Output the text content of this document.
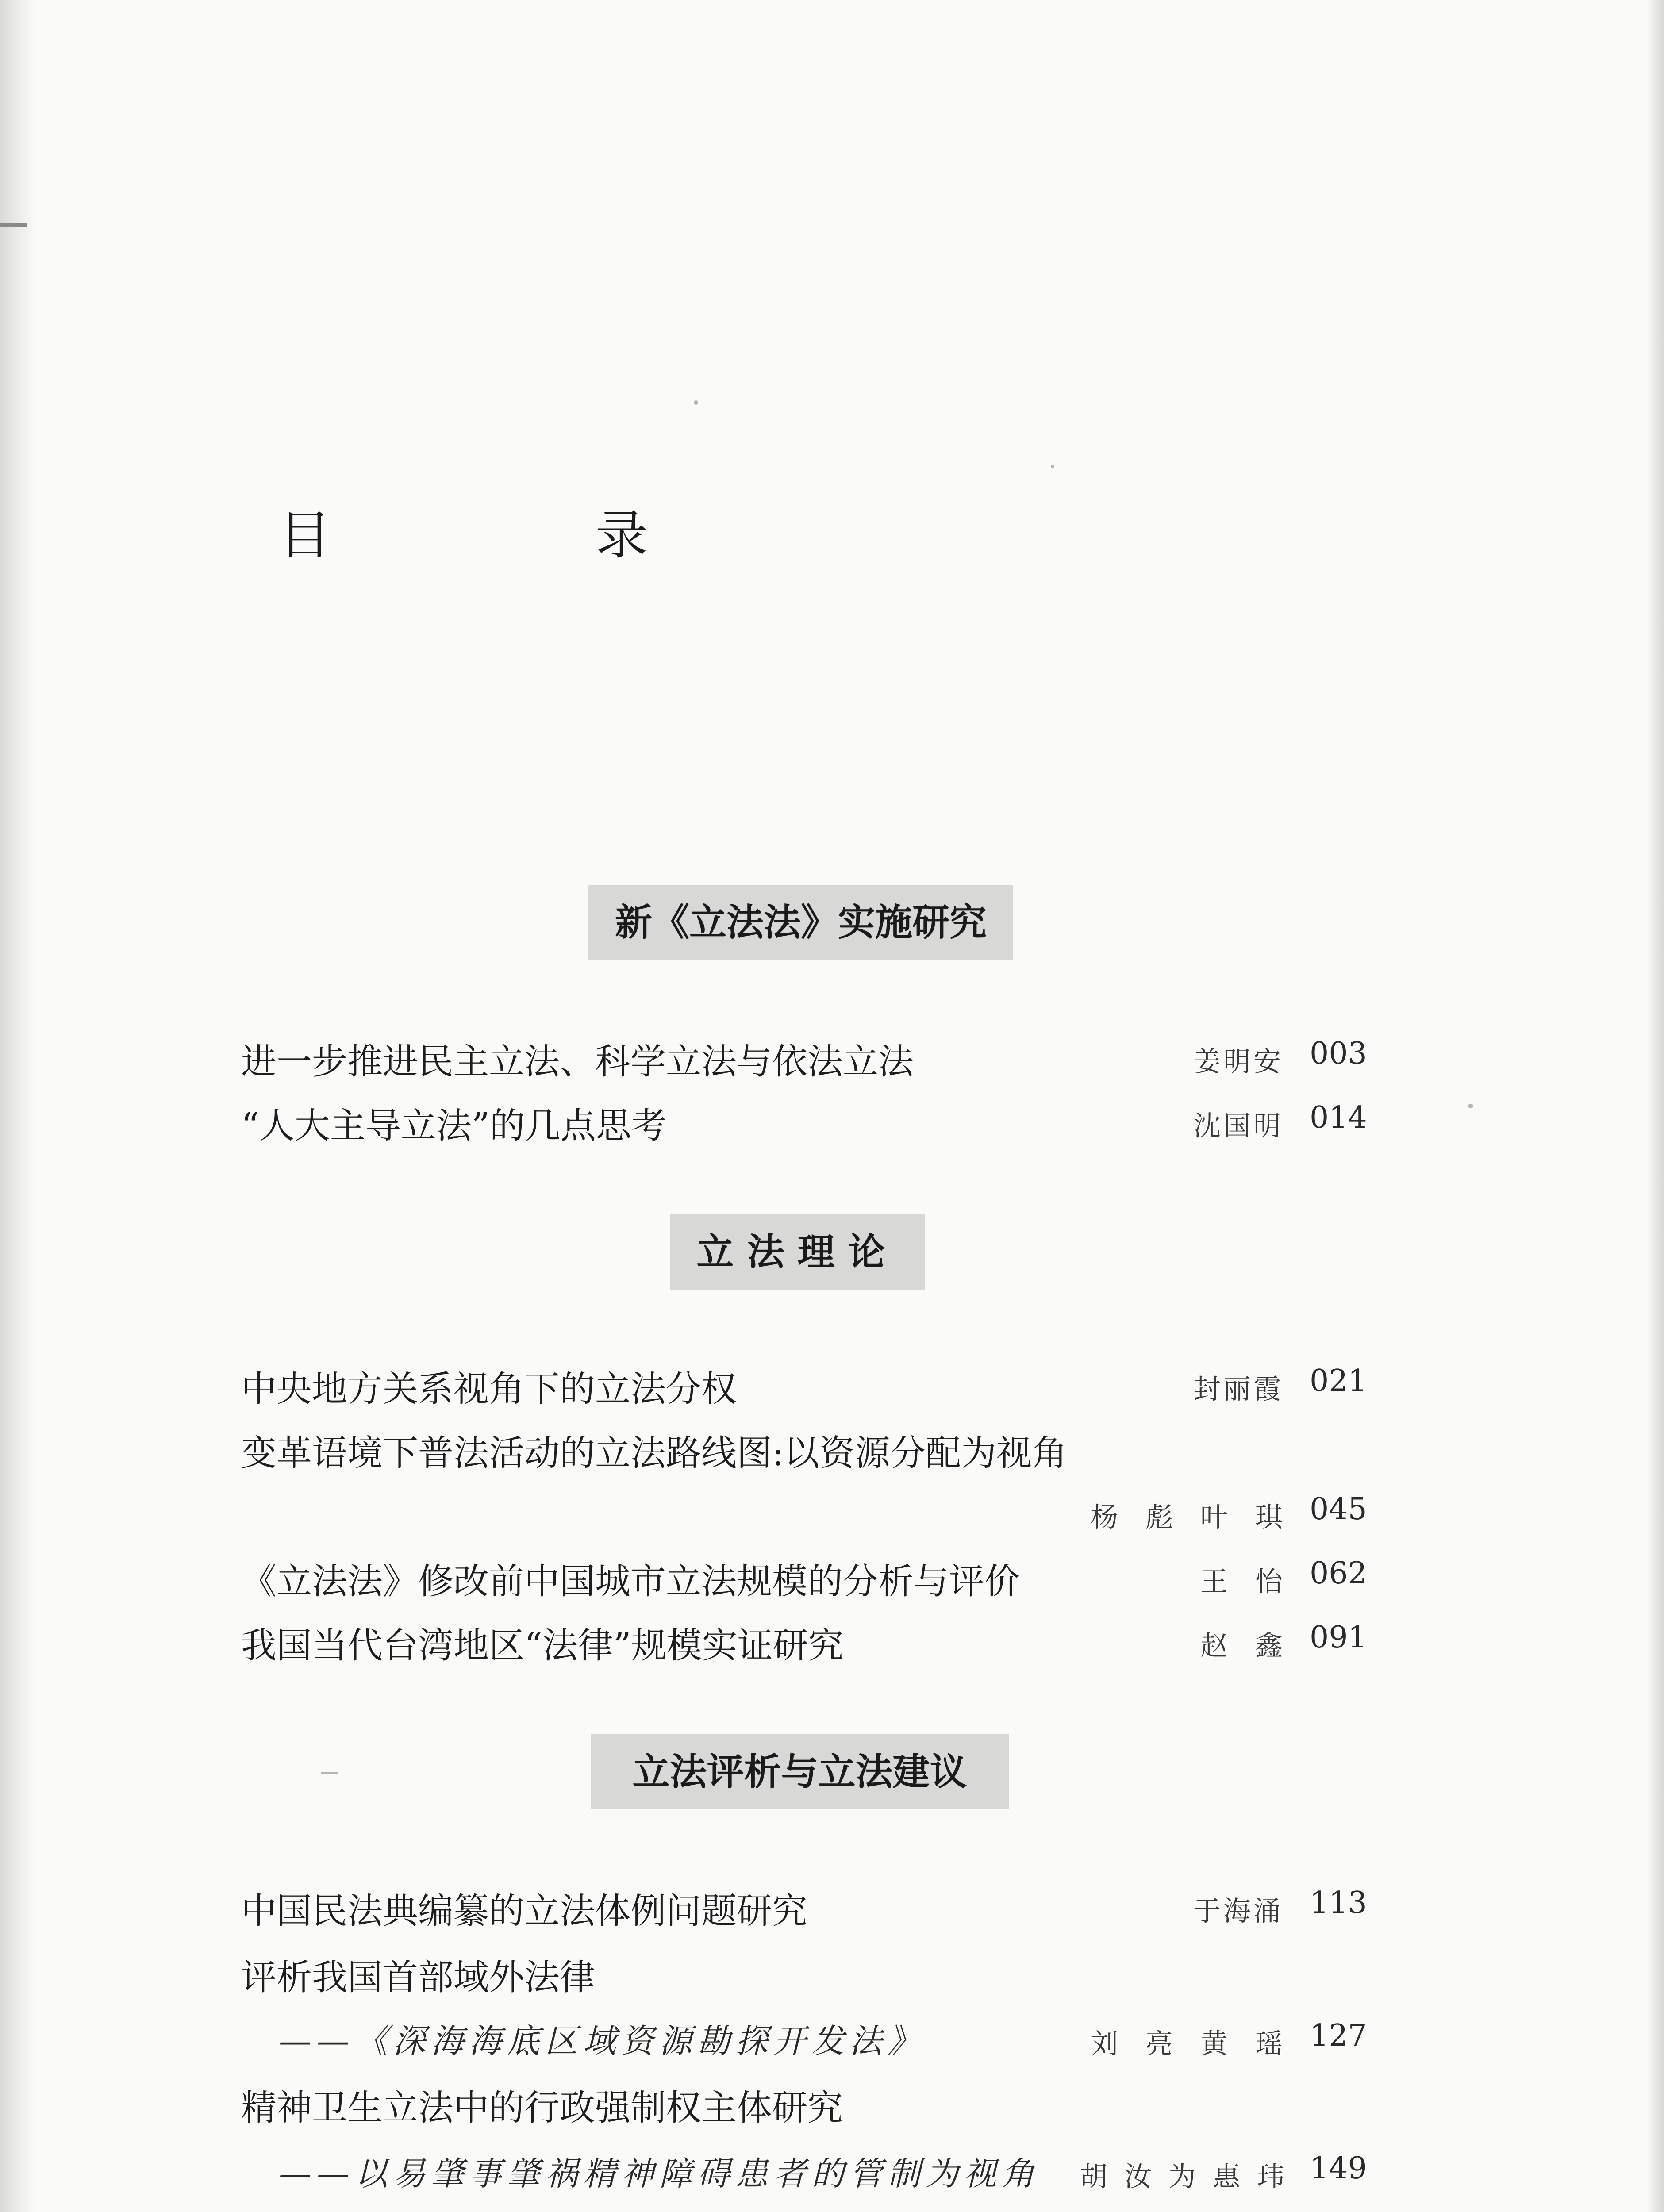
目　录
新《立法法》实施研究
进一步推进民主立法、科学立法与依法立法	姜明安 003
“人大主导立法”的几点思考	沈国明 014
立法理论
中央地方关系视角下的立法分权	封丽霞 021
变革语境下普法活动的立法路线图:以资源分配为视角
杨彪叶琪 045
《立法法》修改前中国城市立法规模的分析与评价	王怡 062
我国当代台湾地区“法律”规模实证研究	赵鑫 091
立法评析与立法建议
中国民法典编纂的立法体例问题研究	于海涌 113
评析我国首部域外法律
——《深海海底区域资源勘探开发法》	刘亮黄瑶 127
精神卫生立法中的行政强制权主体研究
——以易肇事肇祸精神障碍患者的管制为视角 胡汝为惠玮 149
